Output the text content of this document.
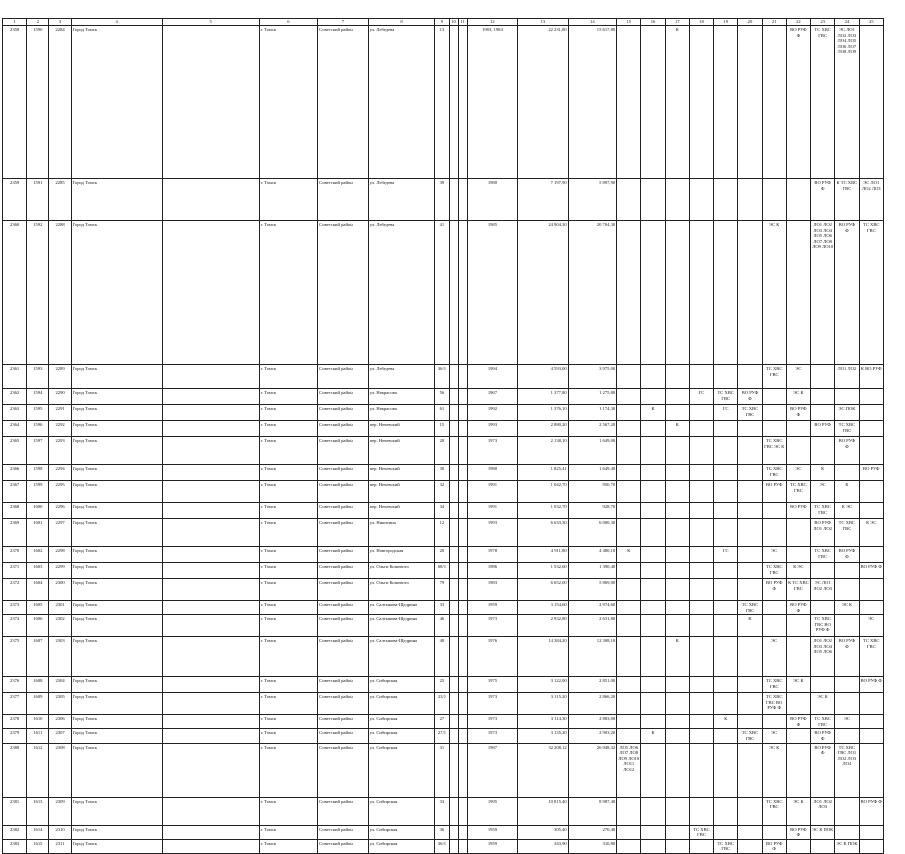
1	2	3	4	5	6	7	8	9	10	11	12	13	14	15	16	17	18	19	20	21	22	23	24	25
2358	1590	2284	Город Томск		г. Томск	Советский район	ул. Лебедева	13			1983, 1984	22 231,80	15 617,80			К					ВО РУФ Ф	ТС ХВС ГВС	ЭС ЛО1 ЛО2 ЛО3 ЛО4 ЛО5 ЛО6 ЛО7 ЛО8 ЛО9	
2359	1591	2285	Город Томск		г. Томск	Советский район	ул. Лебедева	39			1980	7 197,90	5 897,90									ВО РУФ Ф	К ТС ХВС ГВС	ЭС ЛО1 ЛО2 ЛО3
2360	1592	2288	Город Томск		г. Томск	Советский район	ул. Лебедева	41			1985	24 904,30	20 704,30							ЭС К		ЛО1 ЛО2 ЛО3 ЛО4 ЛО5 ЛО6 ЛО7 ЛО8 ЛО9 ЛО10	ВО РУФ Ф	ТС ХВС ГВС
2361	1593	2289	Город Томск		г. Томск	Советский район	ул. Лебедева	36/1			1994	4 593,00	3 975,00							ТС ХВС ГВС	ЭС		ЛО1 ЛО2	К ВО РУФ
2362	1594	2290	Город Томск		г. Томск	Советский район	ул. Некрасова	56			1967	1 377,80	1 275,80				ГС	ТС ХВС ГВС	ВО РУФ Ф		ЭС К			
2363	1595	2291	Город Томск		г. Томск	Советский район	ул. Некрасова	61			1992	1 376,10	1 174,30		К			ГС	ТС ХВС ГВС		ВО РУФ Ф		ЭС ПОК	
2364	1596	2292	Город Томск		г. Томск	Советский район	пер. Нечевский	15			1993	2 880,20	2 567,20			К						ВО РУФ	ТС ХВС ГВС	
2365	1597	2293	Город Томск		г. Томск	Советский район	пер. Нечевский	28			1973	2 138,10	1 649,00							ТС ХВС ГВС ЭС К			ВО РУФ Ф	
2366	1598	2294	Город Томск		г. Томск	Советский район	пер. Нечевский	30			1980	1 825,41	1 649,40							ТС ХВС ГВС	ЭС	К		ВО РУФ
2367	1599	2295	Город Томск		г. Томск	Советский район	пер. Нечевский	32			1991	1 042,70	950,70							ВО РУФ	ТС ХВС ГВС	ЭС	К	
2368	1600	2296	Город Томск		г. Томск	Советский район	пер. Нечевский	34			1991	1 032,70	928,70								ВО РУФ	ТС ХВС ГВС	К ЭС	
2369	1601	2297	Город Томск		г. Томск	Советский район	ул. Никитина	12			1993	6 633,30	6 000,30									ВО РУФ ЛО1 ЛО2	ТС ХВС ГВС	К ЭС
2370	1602	2298	Город Томск		г. Томск	Советский район	ул. Новгородская	20			1978	4 911,80	4 480,10	К				ГС		ЭС		ТС ХВС ГВС	ВО РУФ Ф	
2371	1603	2299	Город Томск		г. Томск	Советский район	ул. Ольги Кошевого	68/1			1986	1 532,60	1 390,40							ТС ХВС ГВС	К ЭС			ВО РУФ Ф
2372	1604	2300	Город Томск		г. Томск	Советский район	ул. Ольги Кошевого	79			1983	6 652,00	5 869,00							ВО РУФ Ф	К ТС ХВС ГВС	ЭС ЛО1 ЛО2 ЛО3		
2373	1605	2301	Город Томск		г. Томск	Советский район	ул. Салтыкова-Щедрина	33			1959	3 154,60	2 974,60						ТС ХВС ГВС		ВО РУФ Ф		ЭС К	
2374	1606	2302	Город Томск		г. Томск	Советский район	ул. Салтыкова-Щедрина	46			1973	2 932,80	2 631,80						К			ТС ХВС ГВС ВО РУФ Ф		ЭС
2375	1607	2303	Город Томск		г. Томск	Советский район	ул. Салтыкова-Щедрина	48			1976	14 384,20	12 308,10			К				ЭС		ЛО1 ЛО2 ЛО3 ЛО4 ЛО5 ЛО6	ВО РУФ Ф	ТС ХВС ГВС
2376	1608	2304	Город Томск		г. Томск	Советский район	ул. Сибирская	25			1975	3 122,00	2 851,00							ТС ХВС ГВС	ЭС К			ВО РУФ Ф
2377	1609	2305	Город Томск		г. Томск	Советский район	ул. Сибирская	23/1			1973	3 115,20	2 866,20							ТС ХВС ГВС ВО РУФ Ф		ЭС К		
2378	1610	2306	Город Томск		г. Томск	Советский район	ул. Сибирская	27			1973	3 114,30	2 883,00					К			ВО РУФ Ф	ТС ХВС ГВС	ЭС	
2379	1611	2307	Город Томск		г. Томск	Советский район	ул. Сибирская	27/1			1973	3 135,20	2 903,20		К				ТС ХВС ГВС	ЭС		ВО РУФ Ф		
2380	1612	2308	Город Томск		г. Томск	Советский район	ул. Сибирская	31			1987	32 208,12	26 948,32	ЛО5 ЛО6 ЛО7 ЛО8 ЛО9 ЛО10 ЛО11 ЛО12						ЭС К		ВО РУФ Ф	ТС ХВС ГВС ЛО1 ЛО2 ЛО3 ЛО4	
2381	1613	2309	Город Томск		г. Томск	Советский район	ул. Сибирская	33			1995	10 815,40	8 987,40							ТС ХВС ГВС	ЭС К	ЛО1 ЛО2 ЛО3		ВО РУФ Ф
2382	1614	2310	Город Томск		г. Томск	Советский район	ул. Сибирская	36			1959	305,40	270,40				ТС ХВС ГВС				ВО РУФ Ф	ЭС К ПОК		
2383	1615	2311	Город Томск		г. Томск	Советский район	ул. Сибирская	36/1			1959	343,90	310,80					ТС ХВС ГВС		ВО РУФ Ф			ЭС К ПОК	
